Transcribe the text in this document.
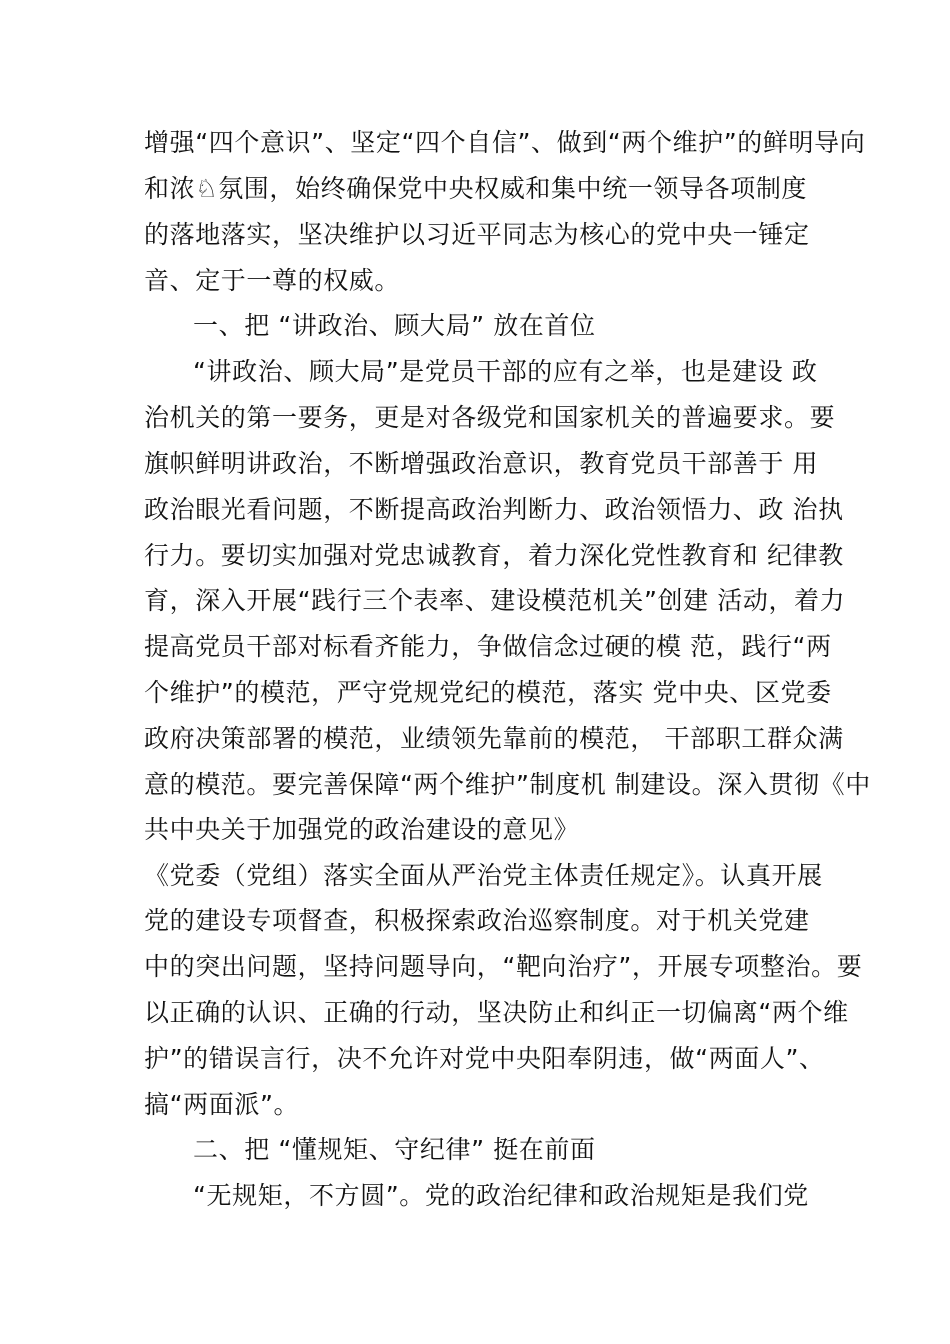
增强“四个意识”、坚定“四个自信”、做到“两个维护”的鲜明导向
和浓♘氛围，始终确保党中央权威和集中统一领导各项制度
的落地落实，坚决维护以习近平同志为核心的党中央一锤定
音、定于一尊的权威。
一、把 “讲政治、顾大局” 放在首位
“讲政治、顾大局”是党员干部的应有之举，也是建设 政
治机关的第一要务，更是对各级党和国家机关的普遍要求。要
旗帜鲜明讲政治，不断增强政治意识，教育党员干部善于 用
政治眼光看问题，不断提高政治判断力、政治领悟力、政 治执
行力。要切实加强对党忠诚教育，着力深化党性教育和 纪律教
育，深入开展“践行三个表率、建设模范机关”创建 活动，着力
提高党员干部对标看齐能力，争做信念过硬的模 范，践行“两
个维护”的模范，严守党规党纪的模范，落实 党中央、区党委
政府决策部署的模范，业绩领先靠前的模范， 干部职工群众满
意的模范。要完善保障“两个维护”制度机 制建设。深入贯彻《中
共中央关于加强党的政治建设的意见》
《党委（党组）落实全面从严治党主体责任规定》。认真开展
党的建设专项督查，积极探索政治巡察制度。对于机关党建
中的突出问题，坚持问题导向，“靶向治疗”，开展专项整治。要
以正确的认识、正确的行动，坚决防止和纠正一切偏离“两个维
护”的错误言行，决不允许对党中央阳奉阴违，做“两面人”、
搞“两面派”。
二、把 “懂规矩、守纪律” 挺在前面
“无规矩，不方圆”。党的政治纪律和政治规矩是我们党
